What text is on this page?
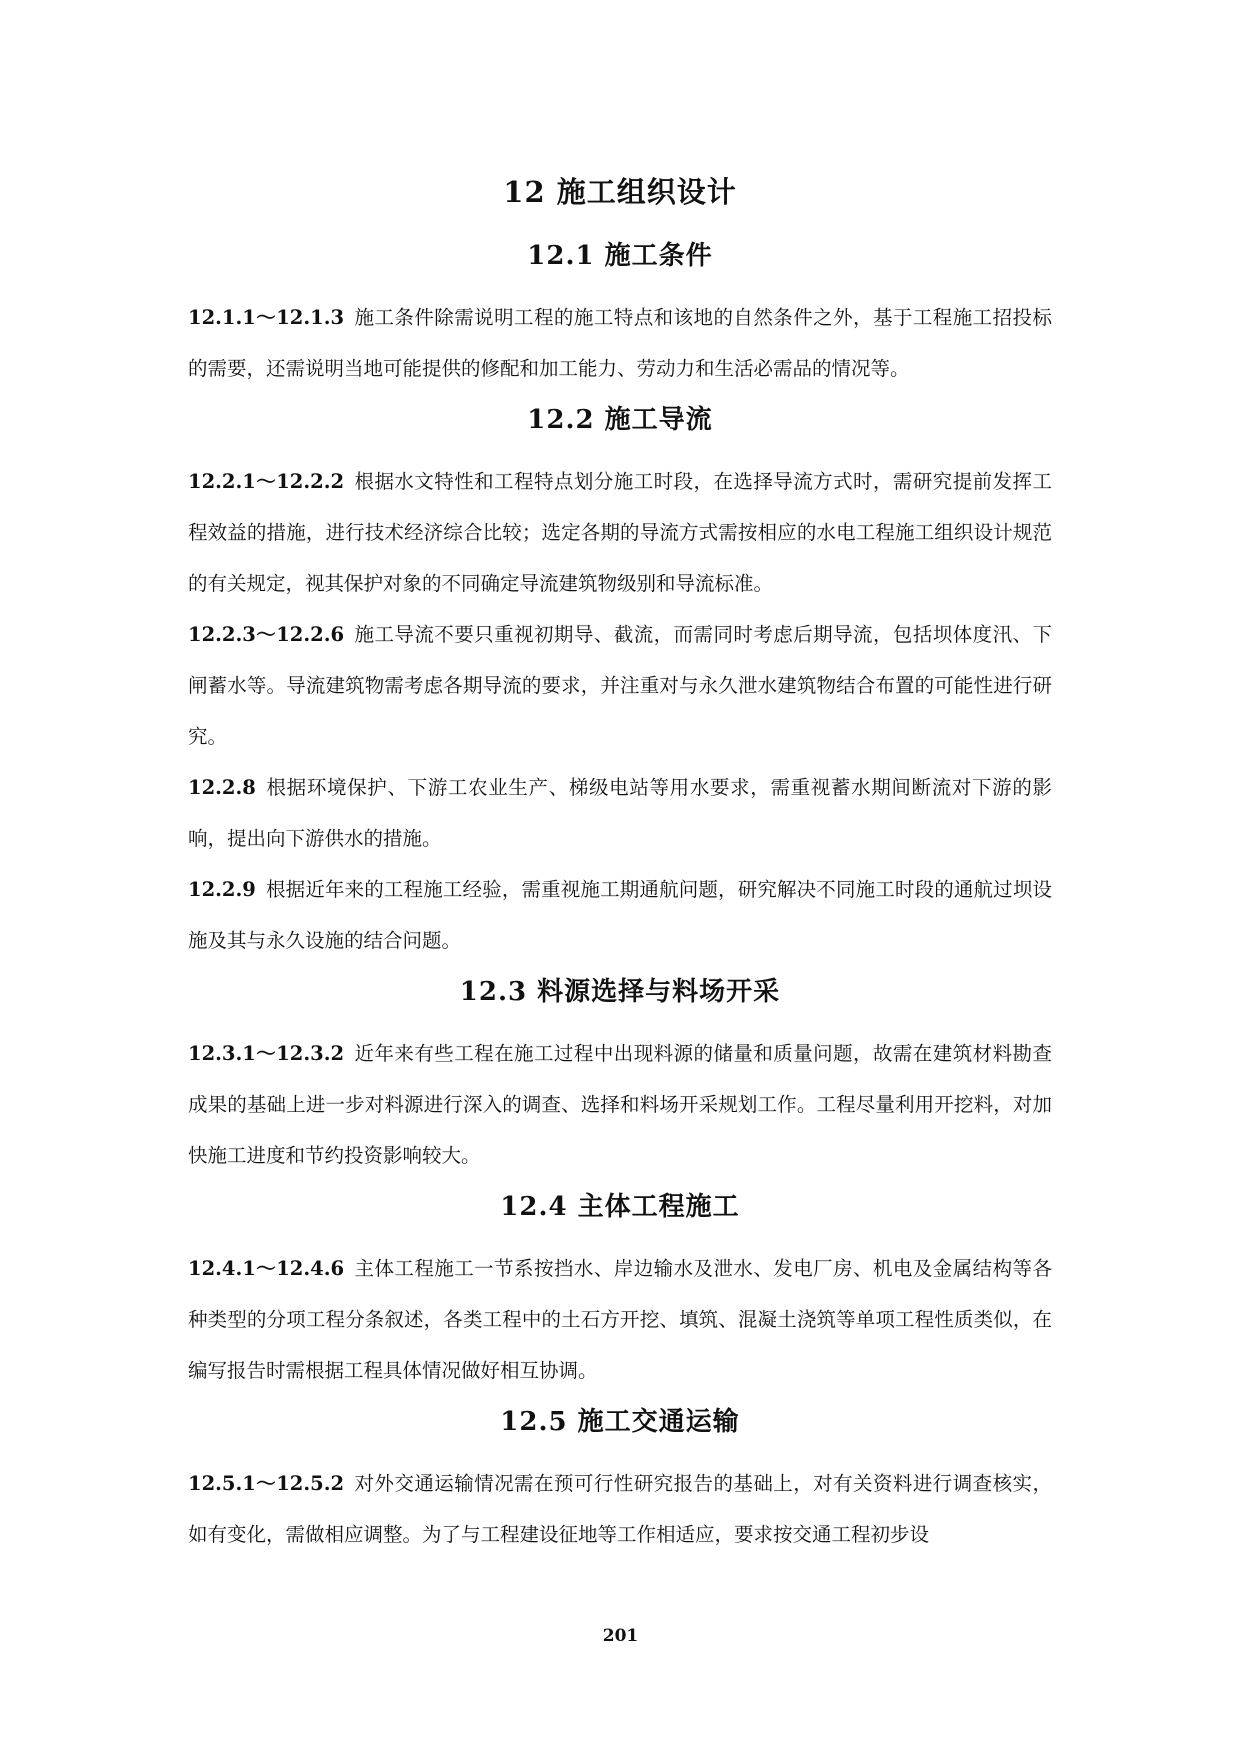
12 施工组织设计
12.1 施工条件

12.1.1～12.1.3 施工条件除需说明工程的施工特点和该地的自然条件之外，基于工程施工招投标的需要，还需说明当地可能提供的修配和加工能力、劳动力和生活必需品的情况等。

12.2 施工导流

12.2.1～12.2.2 根据水文特性和工程特点划分施工时段，在选择导流方式时，需研究提前发挥工程效益的措施，进行技术经济综合比较；选定各期的导流方式需按相应的水电工程施工组织设计规范的有关规定，视其保护对象的不同确定导流建筑物级别和导流标准。

12.2.3～12.2.6 施工导流不要只重视初期导、截流，而需同时考虑后期导流，包括坝体度汛、下闸蓄水等。导流建筑物需考虑各期导流的要求，并注重对与永久泄水建筑物结合布置的可能性进行研究。

12.2.8 根据环境保护、下游工农业生产、梯级电站等用水要求，需重视蓄水期间断流对下游的影响，提出向下游供水的措施。

12.2.9 根据近年来的工程施工经验，需重视施工期通航问题，研究解决不同施工时段的通航过坝设施及其与永久设施的结合问题。

12.3 料源选择与料场开采

12.3.1～12.3.2 近年来有些工程在施工过程中出现料源的储量和质量问题，故需在建筑材料勘查成果的基础上进一步对料源进行深入的调查、选择和料场开采规划工作。工程尽量利用开挖料，对加快施工进度和节约投资影响较大。

12.4 主体工程施工

12.4.1～12.4.6 主体工程施工一节系按挡水、岸边输水及泄水、发电厂房、机电及金属结构等各种类型的分项工程分条叙述，各类工程中的土石方开挖、填筑、混凝土浇筑等单项工程性质类似，在编写报告时需根据工程具体情况做好相互协调。

12.5 施工交通运输

12.5.1～12.5.2 对外交通运输情况需在预可行性研究报告的基础上，对有关资料进行调查核实，如有变化，需做相应调整。为了与工程建设征地等工作相适应，要求按交通工程初步设

201
